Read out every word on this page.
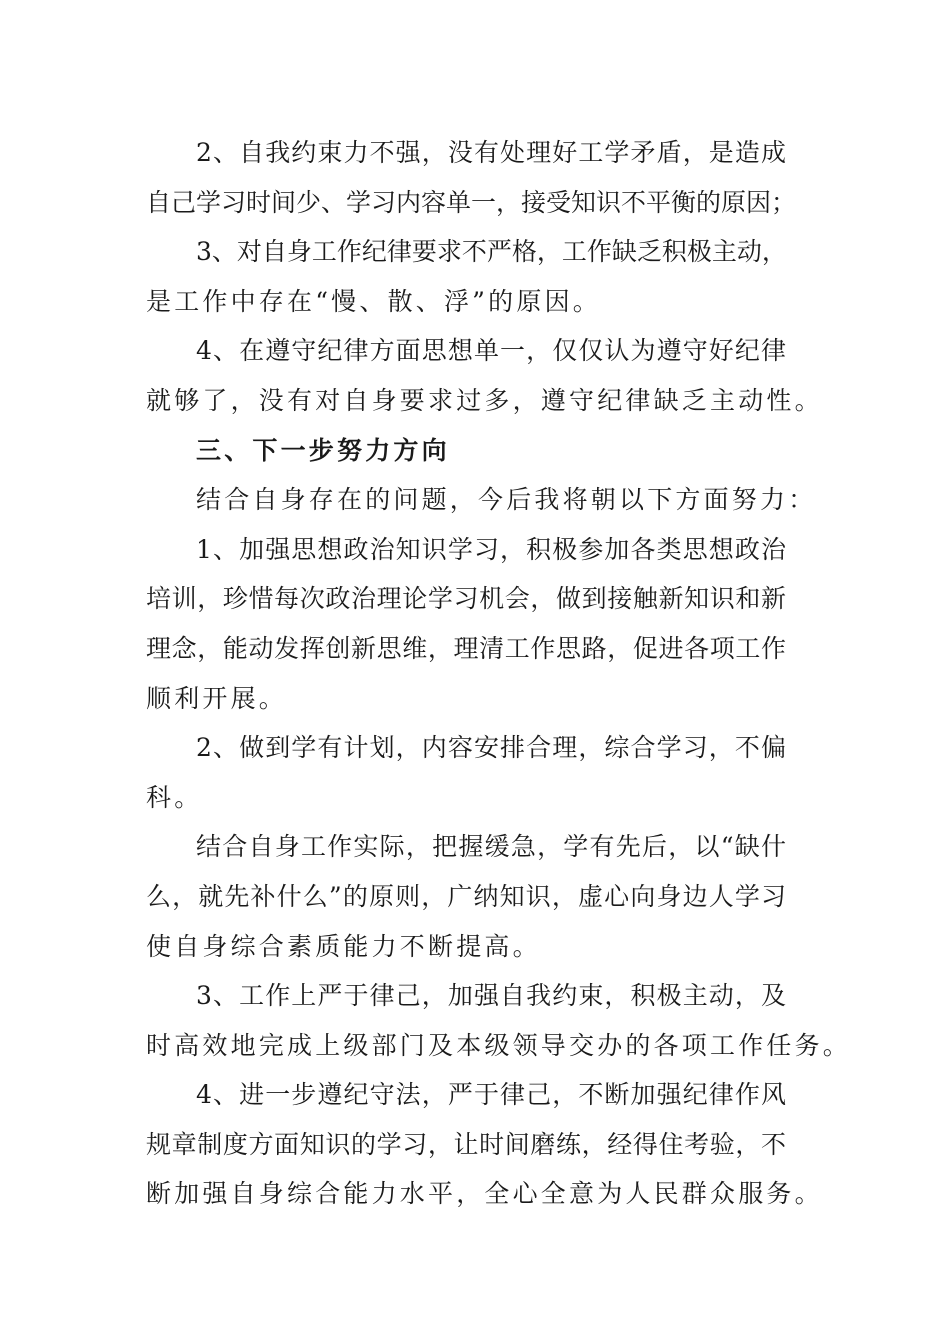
2、自我约束力不强，没有处理好工学矛盾，是造成
自己学习时间少、学习内容单一，接受知识不平衡的原因；
3、对自身工作纪律要求不严格，工作缺乏积极主动，
是工作中存在“慢、散、浮”的原因。
4、在遵守纪律方面思想单一，仅仅认为遵守好纪律
就够了，没有对自身要求过多，遵守纪律缺乏主动性。
三、下一步努力方向
结合自身存在的问题，今后我将朝以下方面努力：
1、加强思想政治知识学习，积极参加各类思想政治
培训，珍惜每次政治理论学习机会，做到接触新知识和新
理念，能动发挥创新思维，理清工作思路，促进各项工作
顺利开展。
2、做到学有计划，内容安排合理，综合学习，不偏
科。
结合自身工作实际，把握缓急，学有先后，以“缺什
么，就先补什么”的原则，广纳知识，虚心向身边人学习
使自身综合素质能力不断提高。
3、工作上严于律己，加强自我约束，积极主动，及
时高效地完成上级部门及本级领导交办的各项工作任务。
4、进一步遵纪守法，严于律己，不断加强纪律作风
规章制度方面知识的学习，让时间磨练，经得住考验，不
断加强自身综合能力水平，全心全意为人民群众服务。
